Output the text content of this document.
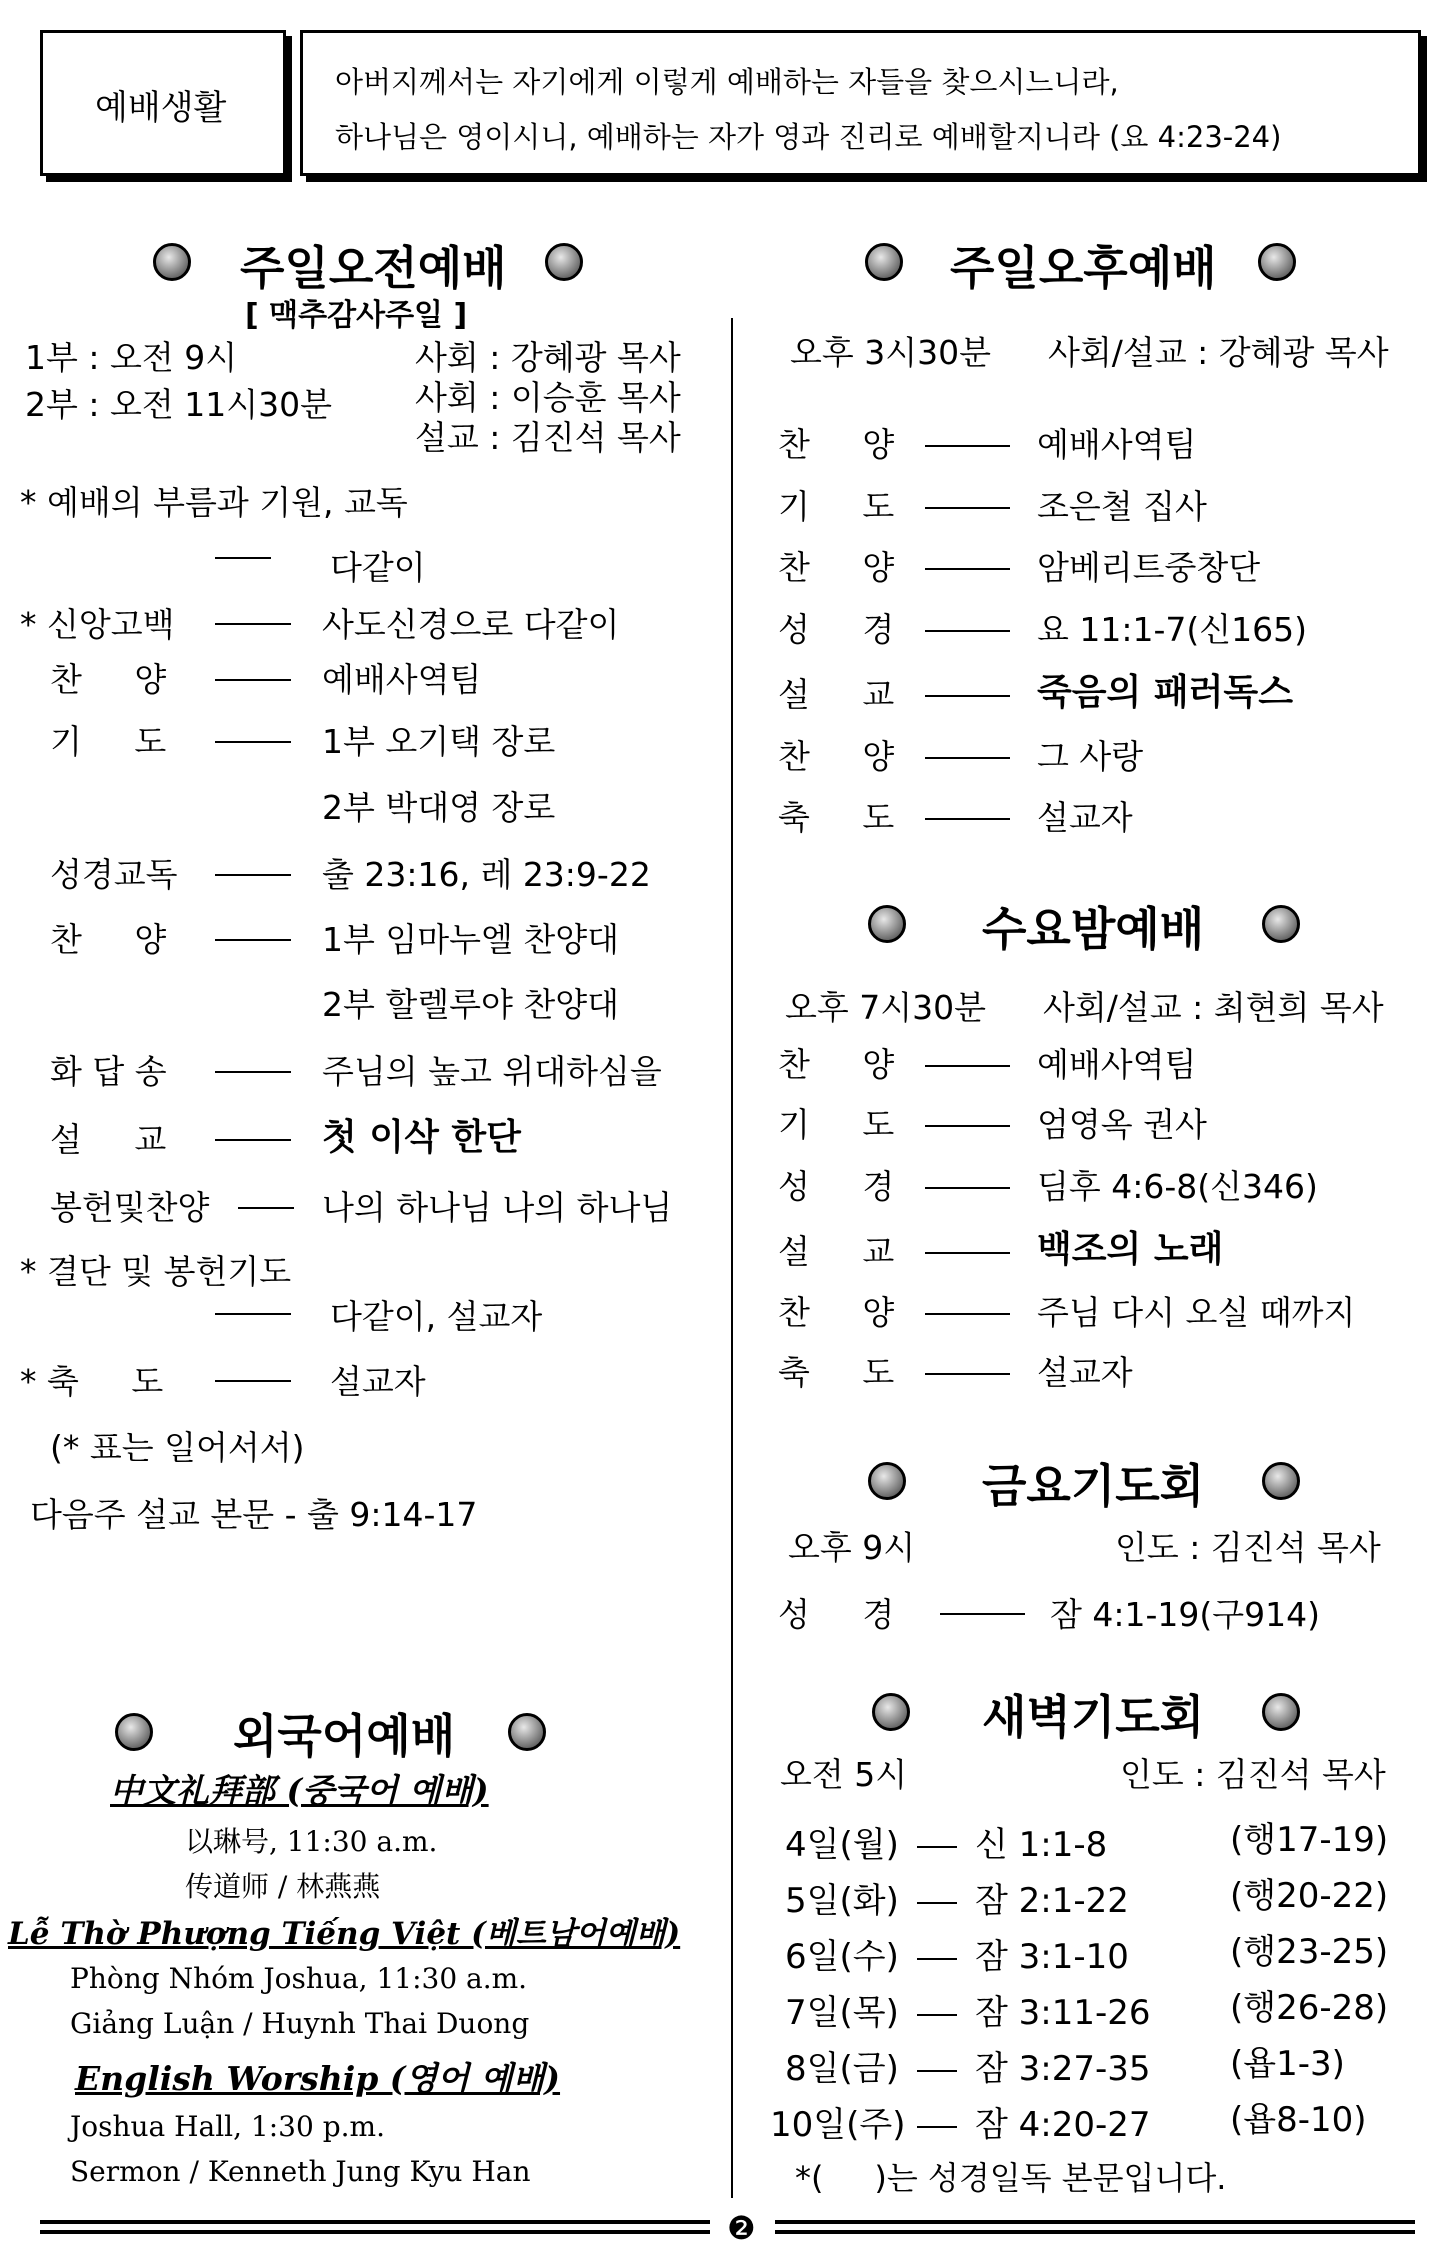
예배생활
아버지께서는 자기에게 이렇게 예배하는 자들을 찾으시느니라,
하나님은 영이시니, 예배하는 자가 영과 진리로 예배할지니라 (요 4:23-24)
주일오전예배
[ 맥추감사주일 ]
1부 : 오전 9시
2부 : 오전 11시30분
사회 : 강혜광 목사
사회 : 이승훈 목사
설교 : 김진석 목사
* 예배의 부름과 기원, 교독
다같이
* 신앙고백	사도신경으로 다같이
찬     양	예배사역팀
기     도	1부 오기택 장로
2부 박대영 장로
성경교독	출 23:16, 레 23:9-22
찬     양	1부 임마누엘 찬양대
2부 할렐루야 찬양대
화 답 송	주님의 높고 위대하심을
설     교	첫 이삭 한단
봉헌및찬양	나의 하나님 나의 하나님
* 결단 및 봉헌기도
다같이, 설교자
* 축     도	설교자
(* 표는 일어서서)
다음주 설교 본문 - 출 9:14-17
외국어예배
中文礼拜部 (중국어 예배)
以琳号, 11:30 a.m.
传道师 / 林燕燕
Lễ Thờ Phượng Tiếng Việt (베트남어예배)
Phòng Nhóm Joshua, 11:30 a.m.
Giảng Luận / Huynh Thai Duong
English Worship (영어 예배)
Joshua Hall, 1:30 p.m.
Sermon / Kenneth Jung Kyu Han
주일오후예배
오후 3시30분 사회/설교 : 강혜광 목사
찬     양	예배사역팀
기     도	조은철 집사
찬     양	암베리트중창단
성     경	요 11:1-7(신165)
설     교	죽음의 패러독스
찬     양	그 사랑
축     도	설교자
수요밤예배
오후 7시30분 사회/설교 : 최현희 목사
찬     양	예배사역팀
기     도	엄영옥 권사
성     경	딤후 4:6-8(신346)
설     교	백조의 노래
찬     양	주님 다시 오실 때까지
축     도	설교자
금요기도회
오후 9시	인도 : 김진석 목사
성     경	잠 4:1-19(구914)
새벽기도회
오전 5시	인도 : 김진석 목사
4일(월) 신 1:1-8	(행17-19)
5일(화) 잠 2:1-22	(행20-22)
6일(수) 잠 3:1-10	(행23-25)
7일(목) 잠 3:11-26 (행26-28)
8일(금) 잠 3:27-35 (욥1-3)
10일(주) 잠 4:20-27 (욥8-10)
*(     )는 성경일독 본문입니다.
❷
